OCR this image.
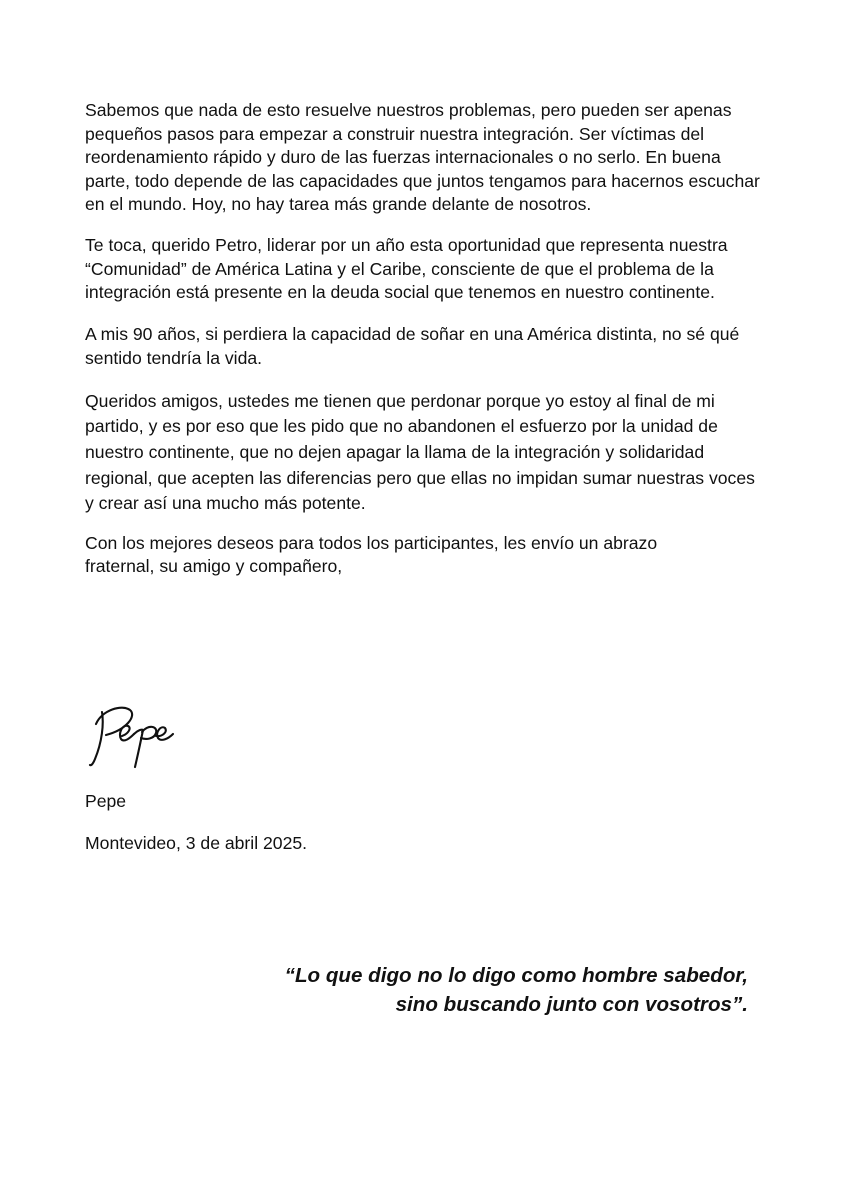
Sabemos que nada de esto resuelve nuestros problemas, pero pueden ser apenas pequeños pasos para empezar a construir nuestra integración. Ser víctimas del reordenamiento rápido y duro de las fuerzas internacionales o no serlo. En buena parte, todo depende de las capacidades que juntos tengamos para hacernos escuchar en el mundo. Hoy, no hay tarea más grande delante de nosotros.

Te toca, querido Petro, liderar por un año esta oportunidad que representa nuestra “Comunidad” de América Latina y el Caribe, consciente de que el problema de la integración está presente en la deuda social que tenemos en nuestro continente.

A mis 90 años, si perdiera la capacidad de soñar en una América distinta, no sé qué sentido tendría la vida.

Queridos amigos, ustedes me tienen que perdonar porque yo estoy al final de mi partido, y es por eso que les pido que no abandonen el esfuerzo por la unidad de nuestro continente, que no dejen apagar la llama de la integración y solidaridad regional, que acepten las diferencias pero que ellas no impidan sumar nuestras voces y crear así una mucho más potente.

Con los mejores deseos para todos los participantes, les envío un abrazo
fraternal, su amigo y compañero,

Pepe
Montevideo, 3 de abril 2025.
“Lo que digo no lo digo como hombre sabedor,
sino buscando junto con vosotros”.
